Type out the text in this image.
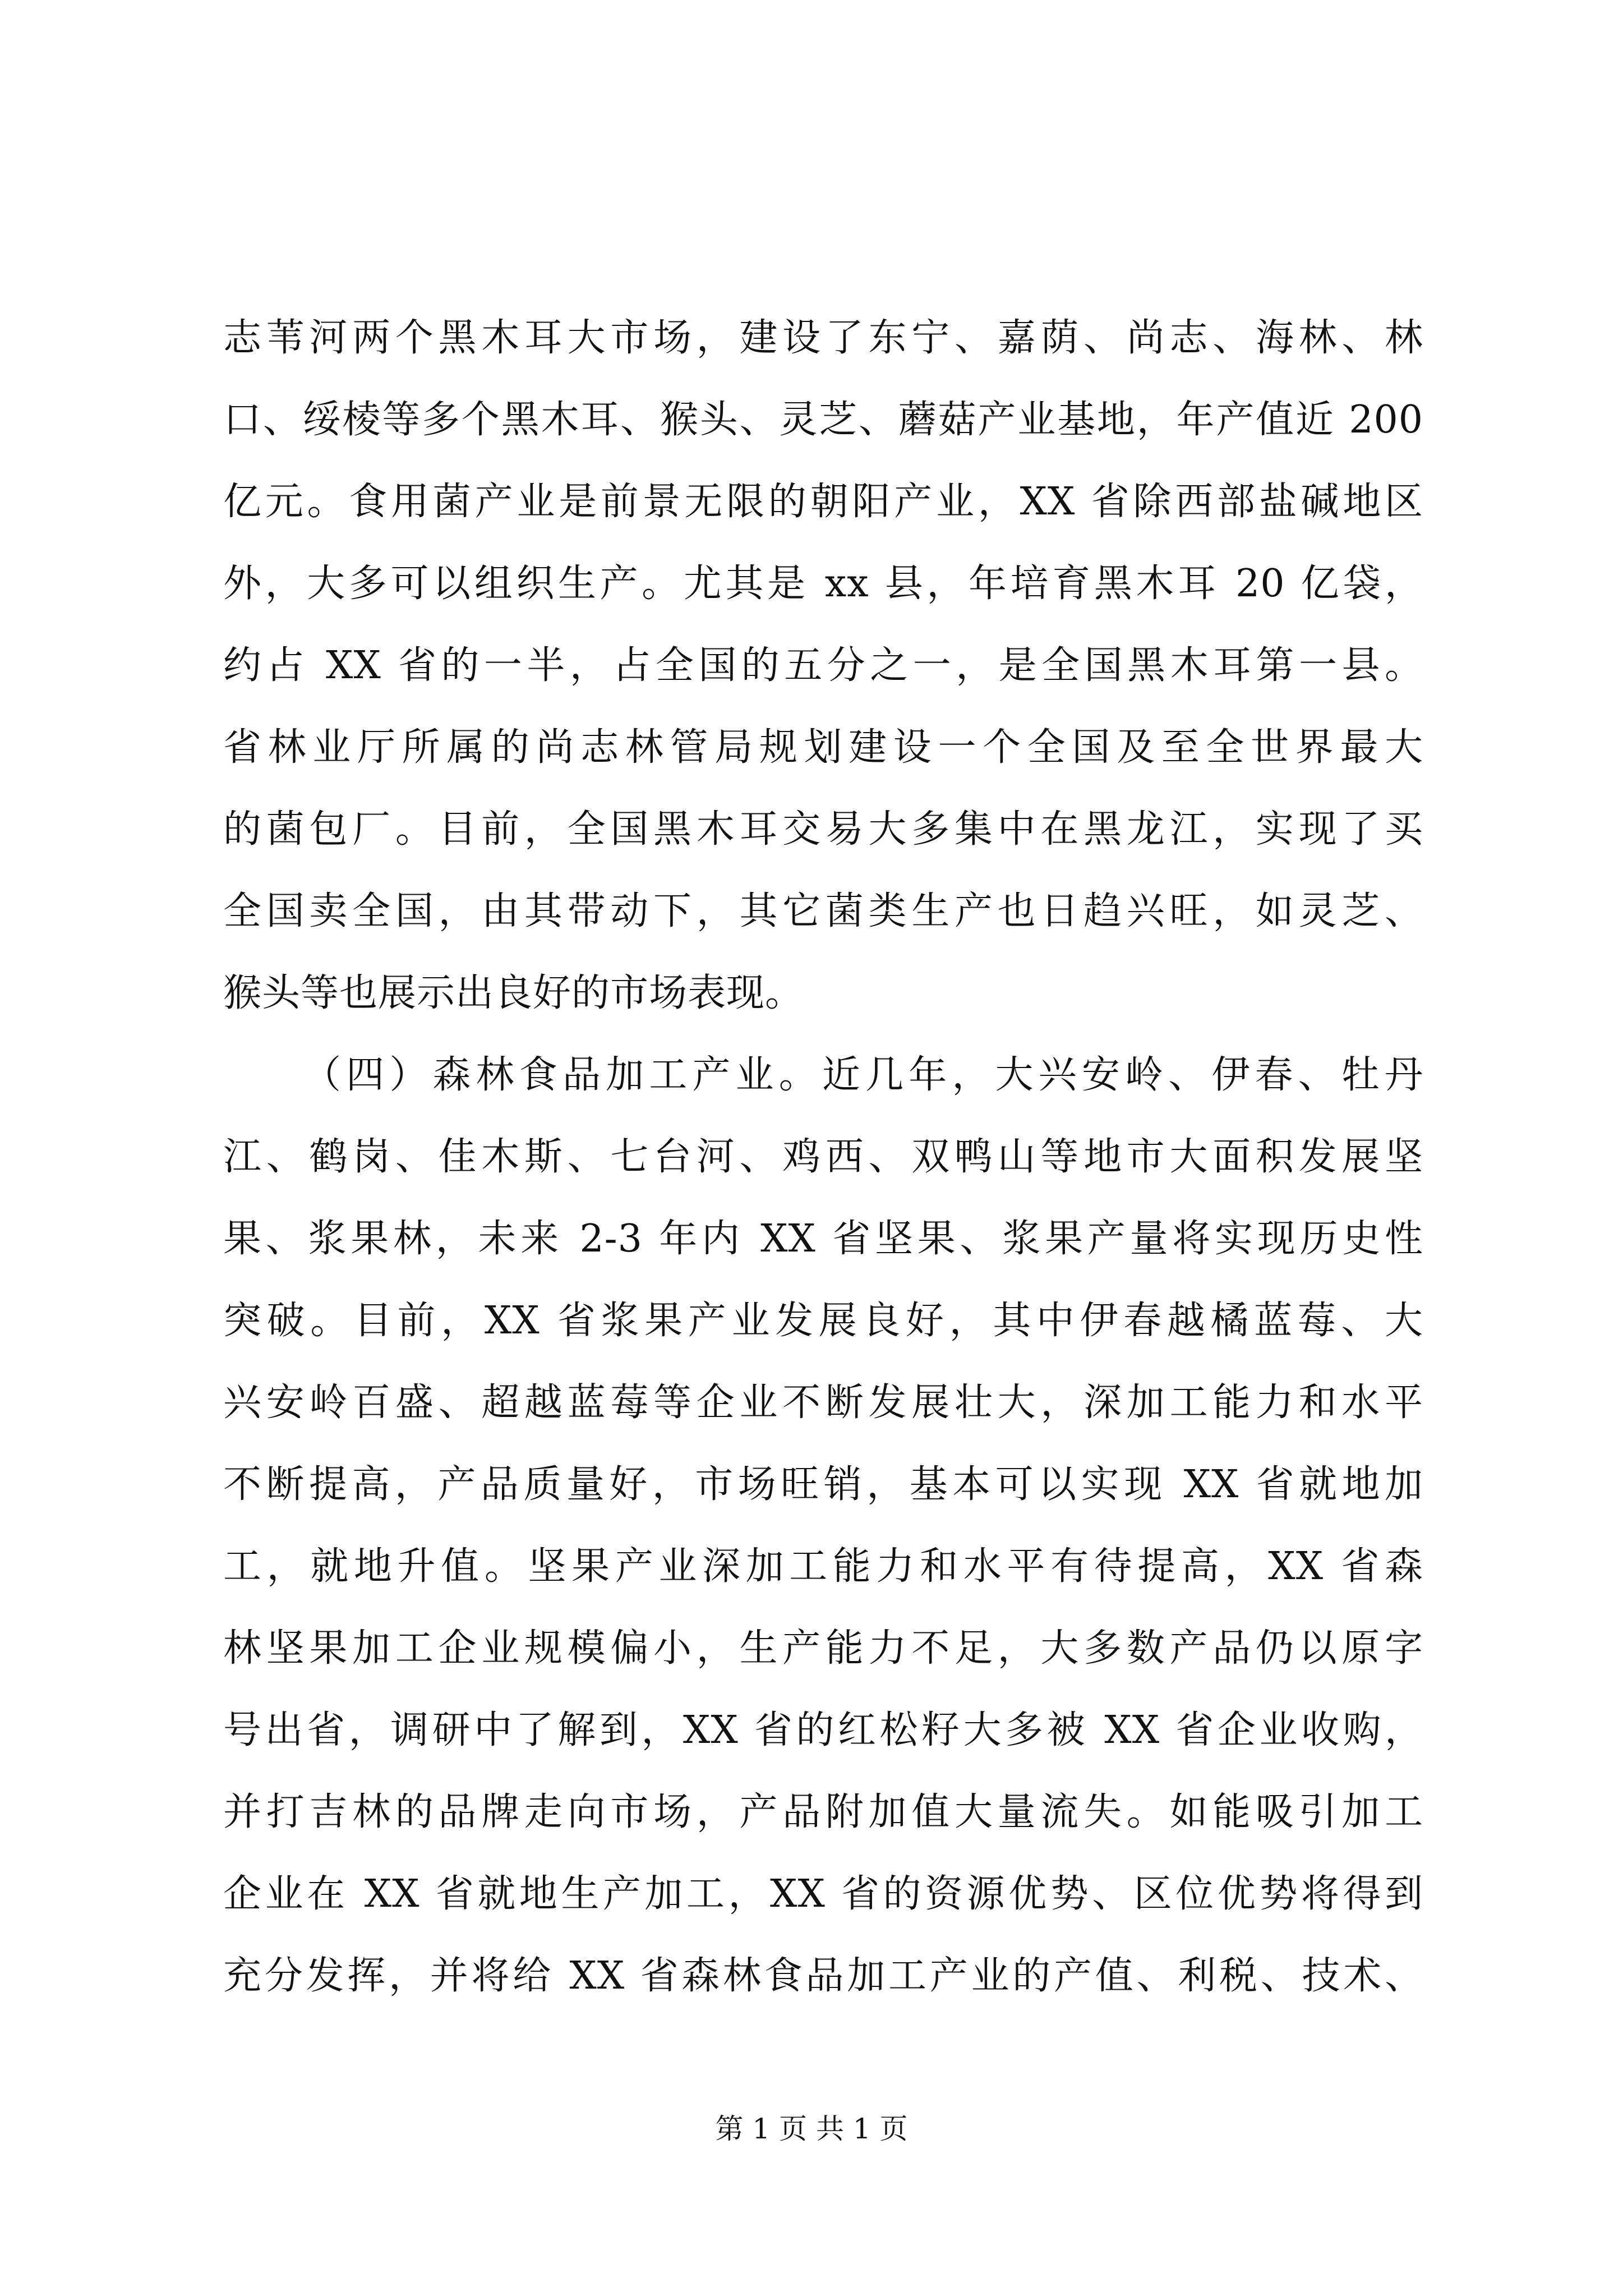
志苇河两个黑木耳大市场，建设了东宁、嘉荫、尚志、海林、林
口、绥棱等多个黑木耳、猴头、灵芝、蘑菇产业基地，年产值近 200
亿元。食用菌产业是前景无限的朝阳产业，XX 省除西部盐碱地区
外，大多可以组织生产。尤其是 xx 县，年培育黑木耳 20 亿袋，
约占 XX 省的一半，占全国的五分之一，是全国黑木耳第一县。
省林业厅所属的尚志林管局规划建设一个全国及至全世界最大
的菌包厂。目前，全国黑木耳交易大多集中在黑龙江，实现了买
全国卖全国，由其带动下，其它菌类生产也日趋兴旺，如灵芝、
猴头等也展示出良好的市场表现。
（四）森林食品加工产业。近几年，大兴安岭、伊春、牡丹
江、鹤岗、佳木斯、七台河、鸡西、双鸭山等地市大面积发展坚
果、浆果林，未来 2-3 年内 XX 省坚果、浆果产量将实现历史性
突破。目前，XX 省浆果产业发展良好，其中伊春越橘蓝莓、大
兴安岭百盛、超越蓝莓等企业不断发展壮大，深加工能力和水平
不断提高，产品质量好，市场旺销，基本可以实现 XX 省就地加
工，就地升值。坚果产业深加工能力和水平有待提高，XX 省森
林坚果加工企业规模偏小，生产能力不足，大多数产品仍以原字
号出省，调研中了解到，XX 省的红松籽大多被 XX 省企业收购，
并打吉林的品牌走向市场，产品附加值大量流失。如能吸引加工
企业在 XX 省就地生产加工，XX 省的资源优势、区位优势将得到
充分发挥，并将给 XX 省森林食品加工产业的产值、利税、技术、
第 1 页 共 1 页
